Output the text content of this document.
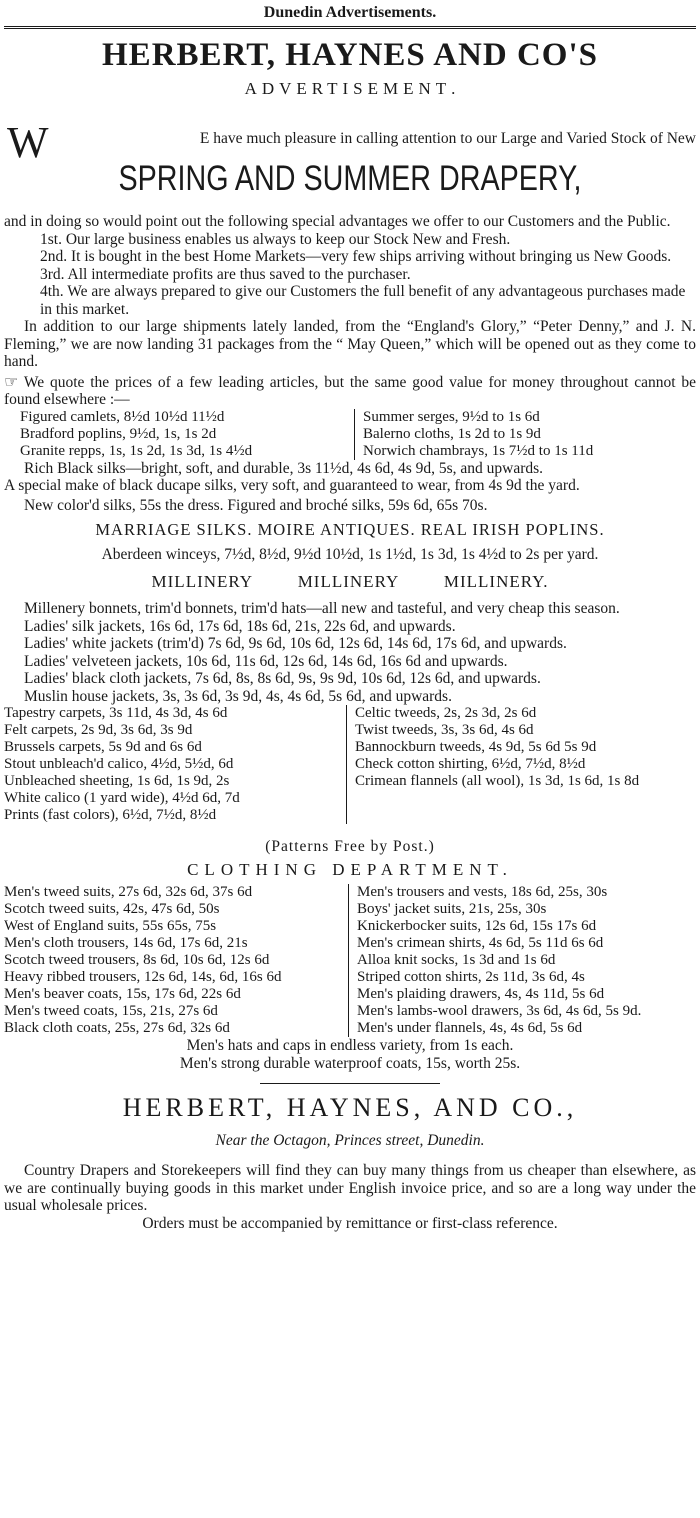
Dunedin Advertisements.
HERBERT, HAYNES AND CO'S
ADVERTISEMENT.
W	E have much pleasure in calling attention to our Large and Varied Stock of New
SPRING AND SUMMER DRAPERY,
and in doing so would point out the following special advantages we offer to our Customers and the Public.
1st. Our large business enables us always to keep our Stock New and Fresh.
2nd. It is bought in the best Home Markets—very few ships arriving without bringing us New Goods.
3rd. All intermediate profits are thus saved to the purchaser.
4th. We are always prepared to give our Customers the full benefit of any advantageous purchases made in this market.
In addition to our large shipments lately landed, from the “England's Glory,” “Peter Denny,” and J. N. Fleming,” we are now landing 31 packages from the “ May Queen,” which will be opened out as they come to hand.
☞ We quote the prices of a few leading articles, but the same good value for money throughout cannot be found elsewhere :—
Figured camlets, 8½d 10½d 11½d
Bradford poplins, 9½d, 1s, 1s 2d
Granite repps, 1s, 1s 2d, 1s 3d, 1s 4½d
Summer serges, 9½d to 1s 6d
Balerno cloths, 1s 2d to 1s 9d
Norwich chambrays, 1s 7½d to 1s 11d
Rich Black silks—bright, soft, and durable, 3s 11½d, 4s 6d, 4s 9d, 5s, and upwards.
A special make of black ducape silks, very soft, and guaranteed to wear, from 4s 9d the yard.
New color'd silks, 55s the dress. Figured and broché silks, 59s 6d, 65s 70s.
MARRIAGE SILKS. MOIRE ANTIQUES. REAL IRISH POPLINS.
Aberdeen winceys, 7½d, 8½d, 9½d 10½d, 1s 1½d, 1s 3d, 1s 4½d to 2s per yard.
MILLINERY MILLINERY MILLINERY.
Millenery bonnets, trim'd bonnets, trim'd hats—all new and tasteful, and very cheap this season.
Ladies' silk jackets, 16s 6d, 17s 6d, 18s 6d, 21s, 22s 6d, and upwards.
Ladies' white jackets (trim'd) 7s 6d, 9s 6d, 10s 6d, 12s 6d, 14s 6d, 17s 6d, and upwards.
Ladies' velveteen jackets, 10s 6d, 11s 6d, 12s 6d, 14s 6d, 16s 6d and upwards.
Ladies' black cloth jackets, 7s 6d, 8s, 8s 6d, 9s, 9s 9d, 10s 6d, 12s 6d, and upwards.
Muslin house jackets, 3s, 3s 6d, 3s 9d, 4s, 4s 6d, 5s 6d, and upwards.
Tapestry carpets, 3s 11d, 4s 3d, 4s 6d
Felt carpets, 2s 9d, 3s 6d, 3s 9d
Brussels carpets, 5s 9d and 6s 6d
Stout unbleach'd calico, 4½d, 5½d, 6d
Unbleached sheeting, 1s 6d, 1s 9d, 2s
White calico (1 yard wide), 4½d 6d, 7d
Prints (fast colors), 6½d, 7½d, 8½d
Celtic tweeds, 2s, 2s 3d, 2s 6d
Twist tweeds, 3s, 3s 6d, 4s 6d
Bannockburn tweeds, 4s 9d, 5s 6d 5s 9d
Check cotton shirting, 6½d, 7½d, 8½d
Crimean flannels (all wool), 1s 3d, 1s 6d, 1s 8d
(Patterns Free by Post.)
CLOTHING DEPARTMENT.
Men's tweed suits, 27s 6d, 32s 6d, 37s 6d
Scotch tweed suits, 42s, 47s 6d, 50s
West of England suits, 55s 65s, 75s
Men's cloth trousers, 14s 6d, 17s 6d, 21s
Scotch tweed trousers, 8s 6d, 10s 6d, 12s 6d
Heavy ribbed trousers, 12s 6d, 14s, 6d, 16s 6d
Men's beaver coats, 15s, 17s 6d, 22s 6d
Men's tweed coats, 15s, 21s, 27s 6d
Black cloth coats, 25s, 27s 6d, 32s 6d
Men's trousers and vests, 18s 6d, 25s, 30s
Boys' jacket suits, 21s, 25s, 30s
Knickerbocker suits, 12s 6d, 15s 17s 6d
Men's crimean shirts, 4s 6d, 5s 11d 6s 6d
Alloa knit socks, 1s 3d and 1s 6d
Striped cotton shirts, 2s 11d, 3s 6d, 4s
Men's plaiding drawers, 4s, 4s 11d, 5s 6d
Men's lambs-wool drawers, 3s 6d, 4s 6d, 5s 9d.
Men's under flannels, 4s, 4s 6d, 5s 6d
Men's hats and caps in endless variety, from 1s each.
Men's strong durable waterproof coats, 15s, worth 25s.
HERBERT, HAYNES, AND CO.,
Near the Octagon, Princes street, Dunedin.
Country Drapers and Storekeepers will find they can buy many things from us cheaper than elsewhere, as we are continually buying goods in this market under English invoice price, and so are a long way under the usual wholesale prices.
Orders must be accompanied by remittance or first-class reference.
